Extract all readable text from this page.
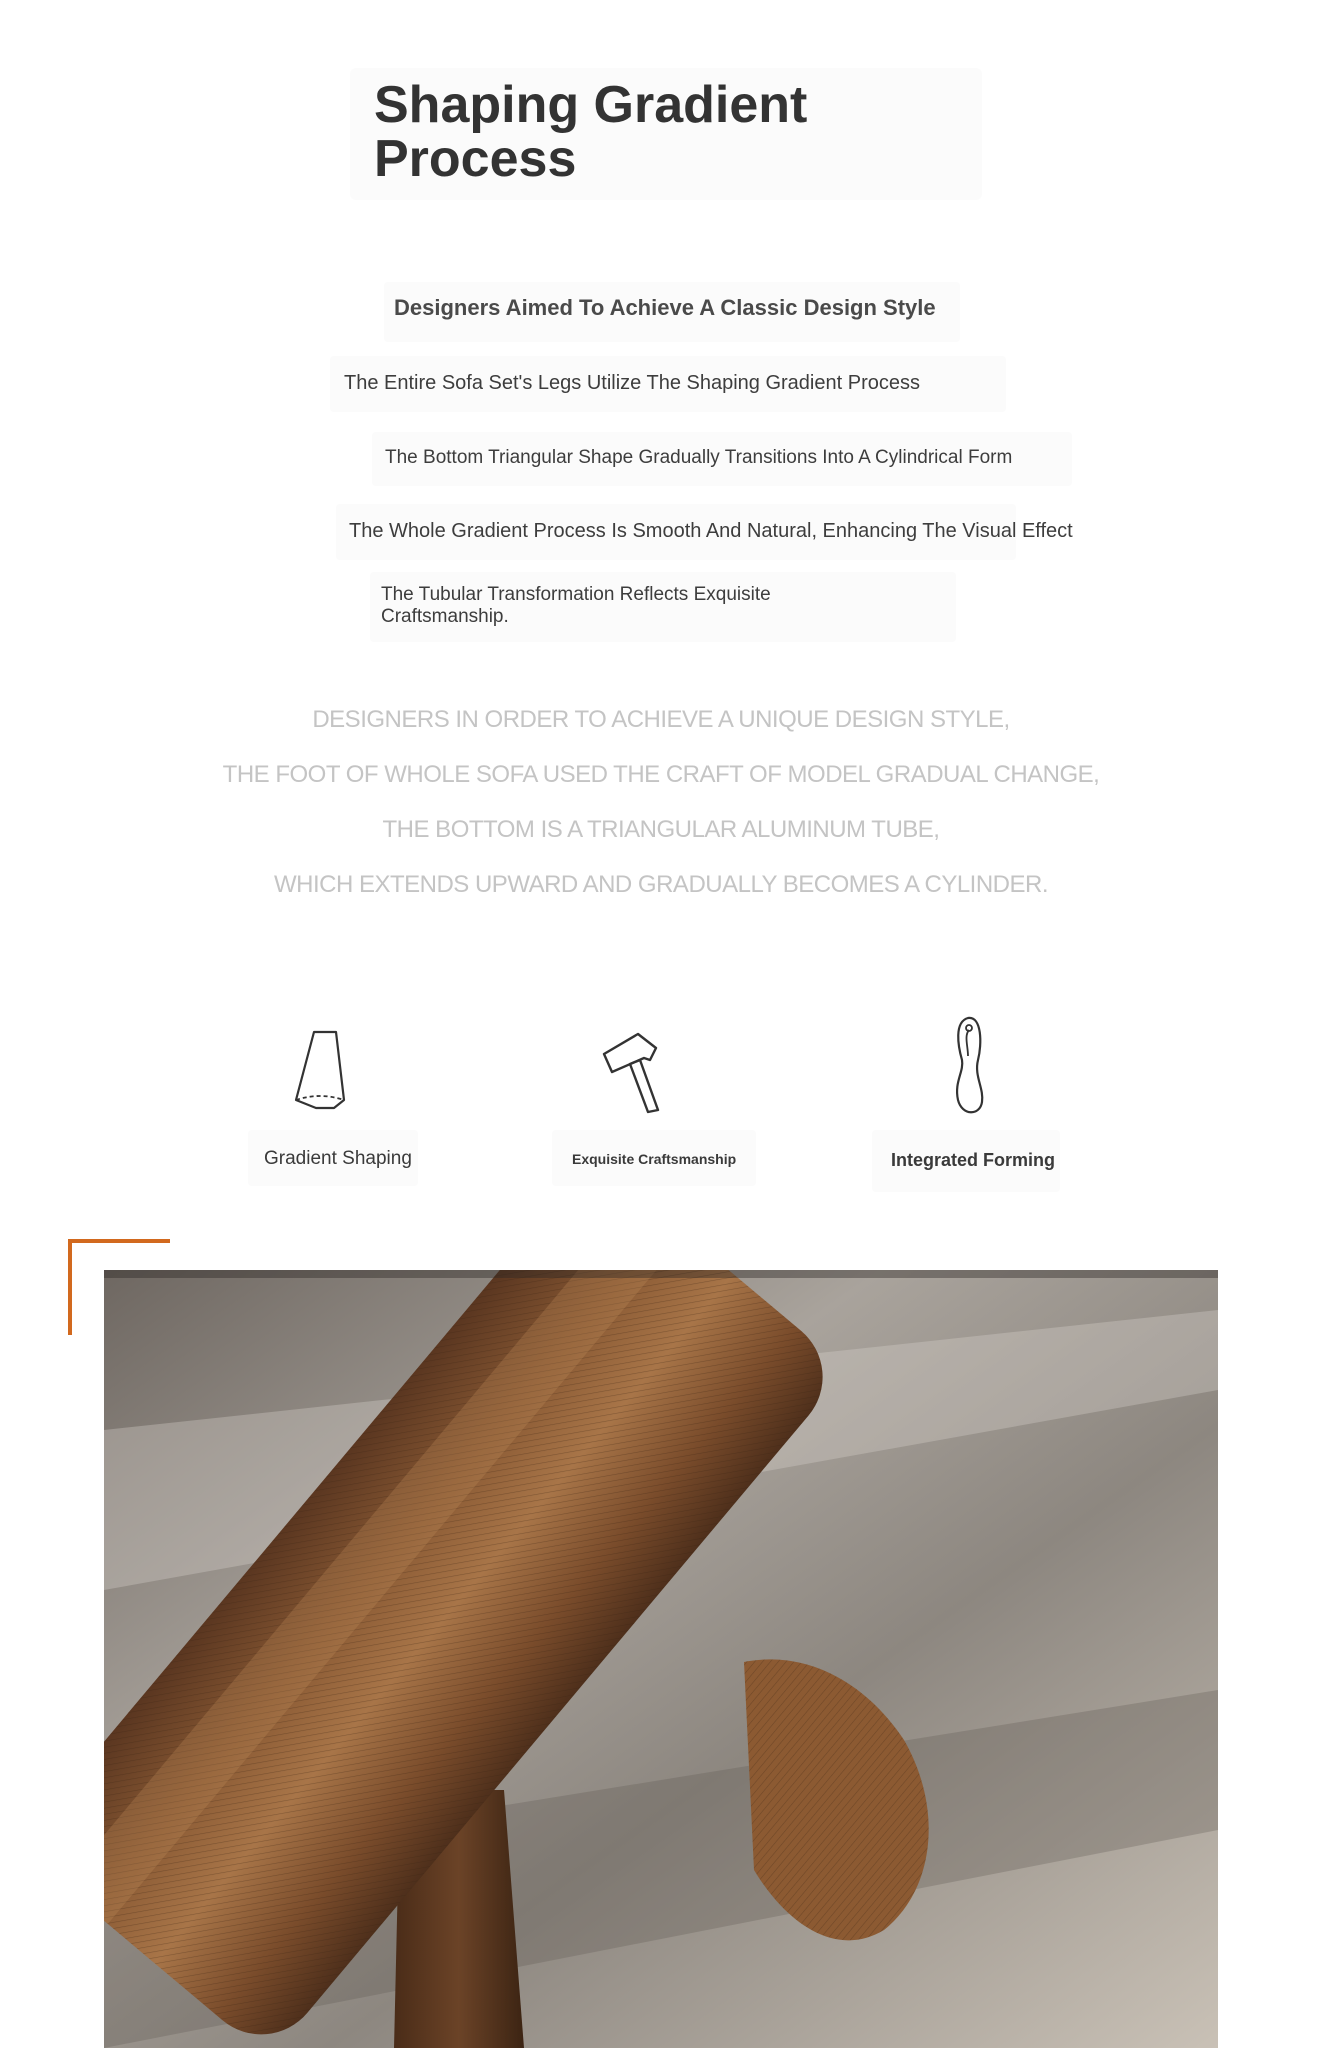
Shaping Gradient Process

Designers Aimed To Achieve A Classic Design Style

The Entire Sofa Set's Legs Utilize The Shaping Gradient Process

The Bottom Triangular Shape Gradually Transitions Into A Cylindrical Form

The Whole Gradient Process Is Smooth And Natural, Enhancing The Visual Effect

The Tubular Transformation Reflects Exquisite Craftsmanship.

DESIGNERS IN ORDER TO ACHIEVE A UNIQUE DESIGN STYLE,

THE FOOT OF WHOLE SOFA USED THE CRAFT OF MODEL GRADUAL CHANGE,

THE BOTTOM IS A TRIANGULAR ALUMINUM TUBE,

WHICH EXTENDS UPWARD AND GRADUALLY BECOMES A CYLINDER.

Gradient Shaping	Exquisite Craftsmanship	Integrated Forming
